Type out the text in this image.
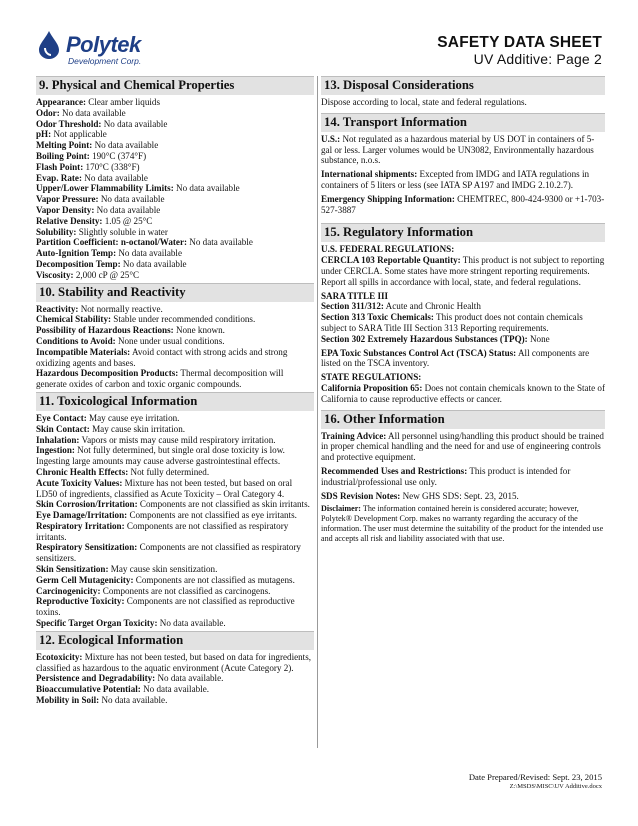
Polytek
Development Corp.
SAFETY DATA SHEET
UV Additive: Page 2
9. Physical and Chemical Properties

Appearance: Clear amber liquids

Odor: No data available

Odor Threshold: No data available

pH: Not applicable

Melting Point: No data available

Boiling Point: 190°C (374°F)

Flash Point: 170°C (338°F)

Evap. Rate: No data available

Upper/Lower Flammability Limits: No data available

Vapor Pressure: No data available

Vapor Density: No data available

Relative Density: 1.05 @ 25°C

Solubility: Slightly soluble in water

Partition Coefficient: n-octanol/Water: No data available

Auto-Ignition Temp: No data available

Decomposition Temp: No data available

Viscosity: 2,000 cP @ 25°C

10. Stability and Reactivity

Reactivity: Not normally reactive.

Chemical Stability: Stable under recommended conditions.

Possibility of Hazardous Reactions: None known.

Conditions to Avoid: None under usual conditions.

Incompatible Materials: Avoid contact with strong acids and strong oxidizing agents and bases.

Hazardous Decomposition Products: Thermal decomposition will generate oxides of carbon and toxic organic compounds.

11. Toxicological Information

Eye Contact: May cause eye irritation.

Skin Contact: May cause skin irritation.

Inhalation: Vapors or mists may cause mild respiratory irritation.

Ingestion: Not fully determined, but single oral dose toxicity is low. Ingesting large amounts may cause adverse gastrointestinal effects.

Chronic Health Effects: Not fully determined.

Acute Toxicity Values: Mixture has not been tested, but based on oral LD50 of ingredients, classified as Acute Toxicity – Oral Category 4.

Skin Corrosion/Irritation: Components are not classified as skin irritants.

Eye Damage/Irritation: Components are not classified as eye irritants.

Respiratory Irritation: Components are not classified as respiratory irritants.

Respiratory Sensitization: Components are not classified as respiratory sensitizers.

Skin Sensitization: May cause skin sensitization.

Germ Cell Mutagenicity: Components are not classified as mutagens.

Carcinogenicity: Components are not classified as carcinogens.

Reproductive Toxicity: Components are not classified as reproductive toxins.

Specific Target Organ Toxicity: No data available.

12. Ecological Information

Ecotoxicity: Mixture has not been tested, but based on data for ingredients, classified as hazardous to the aquatic environment (Acute Category 2).

Persistence and Degradability: No data available.

Bioaccumulative Potential: No data available.

Mobility in Soil: No data available.

13. Disposal Considerations

Dispose according to local, state and federal regulations.

14. Transport Information

U.S.: Not regulated as a hazardous material by US DOT in containers of 5-gal or less. Larger volumes would be UN3082, Environmentally hazardous substance, n.o.s.

International shipments: Excepted from IMDG and IATA regulations in containers of 5 liters or less (see IATA SP A197 and IMDG 2.10.2.7).

Emergency Shipping Information: CHEMTREC, 800-424-9300 or +1-703-527-3887

15. Regulatory Information

U.S. FEDERAL REGULATIONS:

CERCLA 103 Reportable Quantity: This product is not subject to reporting under CERCLA. Some states have more stringent reporting requirements. Report all spills in accordance with local, state, and federal regulations.

SARA TITLE III

Section 311/312: Acute and Chronic Health

Section 313 Toxic Chemicals: This product does not contain chemicals subject to SARA Title III Section 313 Reporting requirements.

Section 302 Extremely Hazardous Substances (TPQ): None

EPA Toxic Substances Control Act (TSCA) Status: All components are listed on the TSCA inventory.

STATE REGULATIONS:

California Proposition 65: Does not contain chemicals known to the State of California to cause reproductive effects or cancer.

16. Other Information

Training Advice: All personnel using/handling this product should be trained in proper chemical handling and the need for and use of engineering controls and protective equipment.

Recommended Uses and Restrictions: This product is intended for industrial/professional use only.

SDS Revision Notes: New GHS SDS: Sept. 23, 2015.

Disclaimer: The information contained herein is considered accurate; however, Polytek® Development Corp. makes no warranty regarding the accuracy of the information. The user must determine the suitability of the product for the intended use and accepts all risk and liability associated with that use.

Date Prepared/Revised: Sept. 23, 2015
Z:\MSDS\MISC\UV Additive.docx
